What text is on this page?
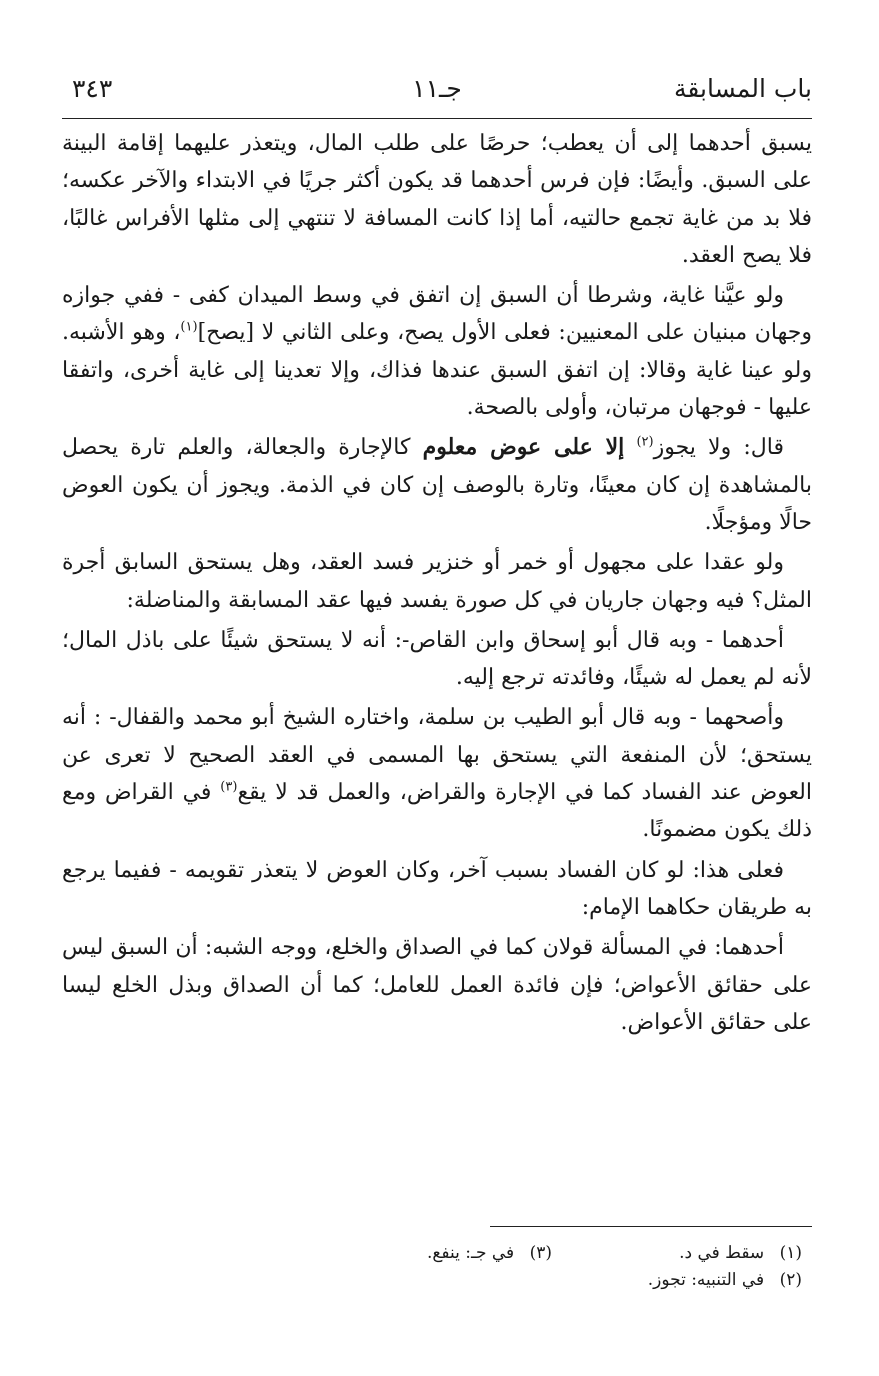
باب المسابقة
جـ١١
٣٤٣

يسبق أحدهما إلى أن يعطب؛ حرصًا على طلب المال، ويتعذر عليهما إقامة البينة على السبق. وأيضًا: فإن فرس أحدهما قد يكون أكثر جريًا في الابتداء والآخر عكسه؛ فلا بد من غاية تجمع حالتيه، أما إذا كانت المسافة لا تنتهي إلى مثلها الأفراس غالبًا، فلا يصح العقد.

ولو عيَّنا غاية، وشرطا أن السبق إن اتفق في وسط الميدان كفى - ففي جوازه وجهان مبنيان على المعنيين: فعلى الأول يصح، وعلى الثاني لا [يصح]$^{(١)}$، وهو الأشبه. ولو عينا غاية وقالا: إن اتفق السبق عندها فذاك، وإلا تعدينا إلى غاية أخرى، واتفقا عليها - فوجهان مرتبان، وأولى بالصحة.

قال: ولا يجوز$^{(٢)}$ إلا على عوض معلوم كالإجارة والجعالة، والعلم تارة يحصل بالمشاهدة إن كان معينًا، وتارة بالوصف إن كان في الذمة. ويجوز أن يكون العوض حالًا ومؤجلًا.

ولو عقدا على مجهول أو خمر أو خنزير فسد العقد، وهل يستحق السابق أجرة المثل؟ فيه وجهان جاريان في كل صورة يفسد فيها عقد المسابقة والمناضلة:

أحدهما - وبه قال أبو إسحاق وابن القاص-: أنه لا يستحق شيئًا على باذل المال؛ لأنه لم يعمل له شيئًا، وفائدته ترجع إليه.

وأصحهما - وبه قال أبو الطيب بن سلمة، واختاره الشيخ أبو محمد والقفال- : أنه يستحق؛ لأن المنفعة التي يستحق بها المسمى في العقد الصحيح لا تعرى عن العوض عند الفساد كما في الإجارة والقراض، والعمل قد لا يقع$^{(٣)}$ في القراض ومع ذلك يكون مضمونًا.

فعلى هذا: لو كان الفساد بسبب آخر، وكان العوض لا يتعذر تقويمه - ففيما يرجع به طريقان حكاهما الإمام:

أحدهما: في المسألة قولان كما في الصداق والخلع، ووجه الشبه: أن السبق ليس على حقائق الأعواض؛ فإن فائدة العمل للعامل؛ كما أن الصداق وبذل الخلع ليسا على حقائق الأعواض.

(١) سقط في د.
(٣) في جـ: ينفع.
(٢) في التنبيه: تجوز.
